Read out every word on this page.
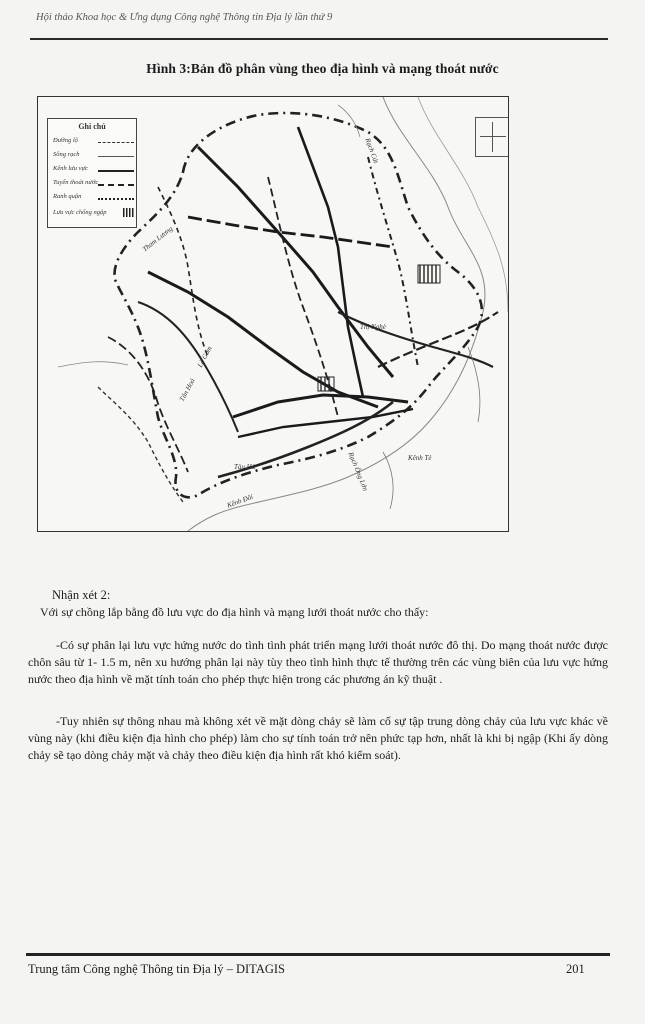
Hội thảo Khoa học & Ứng dụng Công nghệ Thông tin Địa lý lần thứ 9
Hình 3:Bản đồ phân vùng theo địa hình và mạng thoát nước
Ghi chú
Đường lộ
Sông rạch
Kênh lưu vực
Tuyến thoát nước
Ranh quận
Lưu vực chống ngập
Rạch Cát
Tham Lương
Tân Hoá
Thị Nghè
Lò Gốm
Kênh Tẻ
Rạch Ông Lớn
Kênh Đôi
Tàu Hủ
Nhận xét 2:
Với sự chồng lắp bằng đồ lưu vực do địa hình và mạng lưới thoát nước cho thấy:
-Có sự phân lại lưu vực hứng nước do tình tình phát triển mạng lưới thoát nước đô thị. Do mạng thoát nước được chôn sâu từ 1- 1.5 m, nên xu hướng phân lại này tùy theo tình hình thực tế thường trên các vùng biên của lưu vực hứng nước theo địa hình về mặt tính toán cho phép thực hiện trong các phương án kỹ thuật .
-Tuy nhiên sự thông nhau mà không xét về mặt dòng chảy sẽ làm cố sự tập trung dòng chảy của lưu vực khác về vùng này (khi điều kiện địa hình cho phép) làm cho sự tính toán trở nên phức tạp hơn, nhất là khi bị ngập (Khi ấy dòng chảy sẽ tạo dòng chảy mặt và chảy theo điều kiện địa hình rất khó kiểm soát).
Trung tâm Công nghệ Thông tin Địa lý – DITAGIS	201
